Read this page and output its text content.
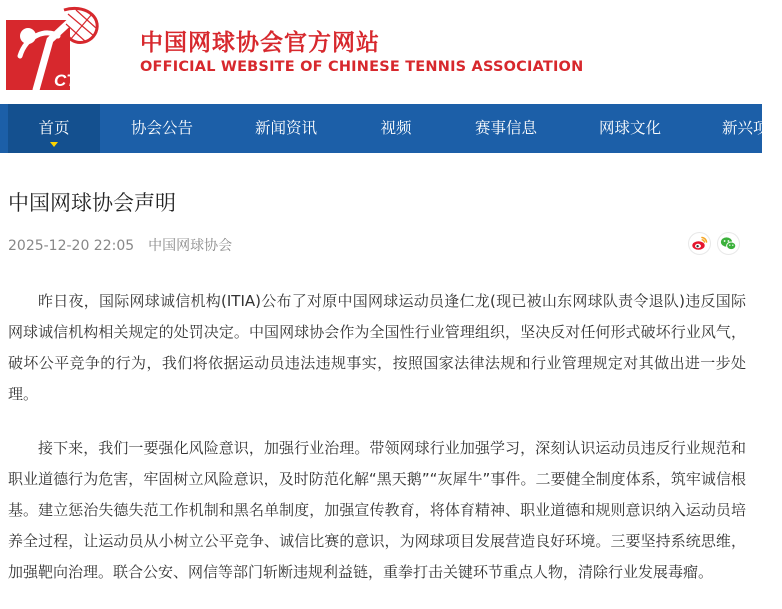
CTA
中国网球协会官方网站
OFFICIAL WEBSITE OF CHINESE TENNIS ASSOCIATION
首页	协会公告	新闻资讯	视频	赛事信息	网球文化	新兴项
中国网球协会声明
2025-12-20 22:05 中国网球协会

昨日夜，国际网球诚信机构(ITIA)公布了对原中国网球运动员逢仁龙(现已被山东网球队责令退队)违反国际网球诚信机构相关规定的处罚决定。中国网球协会作为全国性行业管理组织，坚决反对任何形式破坏行业风气，破坏公平竞争的行为，我们将依据运动员违法违规事实，按照国家法律法规和行业管理规定对其做出进一步处理。

接下来，我们一要强化风险意识，加强行业治理。带领网球行业加强学习，深刻认识运动员违反行业规范和职业道德行为危害，牢固树立风险意识，及时防范化解“黑天鹅”“灰犀牛”事件。二要健全制度体系，筑牢诚信根基。建立惩治失德失范工作机制和黑名单制度，加强宣传教育，将体育精神、职业道德和规则意识纳入运动员培养全过程，让运动员从小树立公平竞争、诚信比赛的意识，为网球项目发展营造良好环境。三要坚持系统思维，加强靶向治理。联合公安、网信等部门斩断违规利益链，重拳打击关键环节重点人物，清除行业发展毒瘤。
